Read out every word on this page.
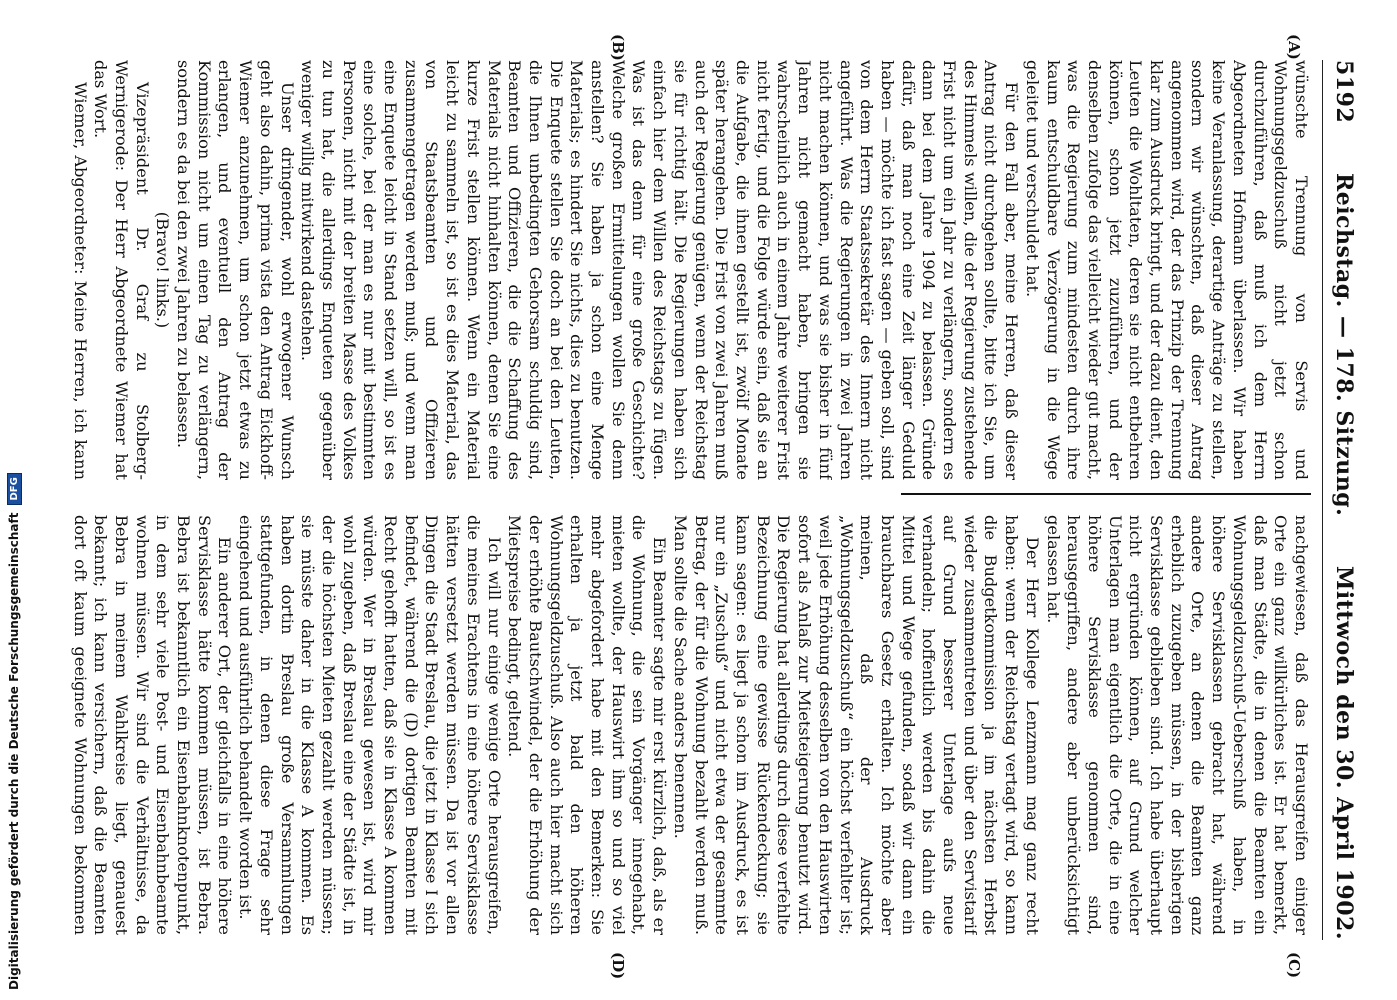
5192
Reichstag. — 178. Sitzung.
Mittwoch den 30. April 1902.
(A)
(B)
(C)
(D)

wünschte Trennung von Servis und Wohnungsgeldzuschuß nicht jetzt schon durchzuführen, daß muß ich dem Herrn Abgeordneten Hofmann überlassen. Wir haben keine Veranlassung, derartige Anträge zu stellen, sondern wir wünschten, daß dieser Antrag angenommen wird, der das Prinzip der Trennung klar zum Ausdruck bringt, und der dazu dient, den Leuten die Wohltaten, deren sie nicht entbehren können, schon jetzt zuzuführen, und der denselben zufolge das vielleicht wieder gut macht, was die Regierung zum mindesten durch ihre kaum entschuldbare Verzögerung in die Wege geleitet und verschuldet hat.

Für den Fall aber, meine Herren, daß dieser Antrag nicht durchgehen sollte, bitte ich Sie, um des Himmels willen, die der Regierung zustehende Frist nicht um ein Jahr zu verlängern, sondern es dann bei dem Jahre 1904 zu belassen. Gründe dafür, daß man noch eine Zeit länger Geduld haben — möchte ich fast sagen — geben soll, sind von dem Herrn Staatssekretär des Innern nicht angeführt. Was die Regierungen in zwei Jahren nicht machen können, und was sie bisher in fünf Jahren nicht gemacht haben, bringen sie wahrscheinlich auch in einem Jahre weiterer Frist nicht fertig, und die Folge würde sein, daß sie an die Aufgabe, die ihnen gestellt ist, zwölf Monate später herangehen. Die Frist von zwei Jahren muß auch der Regierung genügen, wenn der Reichstag sie für richtig hält. Die Regierungen haben sich einfach hier dem Willen des Reichstags zu fügen. Was ist das denn für eine große Geschichte? Welche großen Ermittelungen wollen Sie denn anstellen? Sie haben ja schon eine Menge Materials; es hindert Sie nichts, dies zu benutzen. Die Enquete stellen Sie doch an bei den Leuten, die Ihnen unbedingten Gehorsam schuldig sind, Beamten und Offizieren, die die Schaffung des Materials nicht hinhalten können, denen Sie eine kurze Frist stellen können. Wenn ein Material leicht zu sammeln ist, so ist es dies Material, das von Staatsbeamten und Offizieren zusammengetragen werden muß; und wenn man eine Enquete leicht in Stand setzen will, so ist es eine solche, bei der man es nur mit bestimmten Personen, nicht mit der breiten Masse des Volkes zu tun hat, die allerdings Enqueten gegenüber weniger willig mitwirkend dastehen.

Unser dringender, wohl erwogener Wunsch geht also dahin, prima vista den Antrag Eickhoff-Wiemer anzunehmen, um schon jetzt etwas zu erlangen, und eventuell den Antrag der Kommission nicht um einen Tag zu verlängern, sondern es da bei den zwei Jahren zu belassen.

(Bravo! links.)

Vizepräsident Dr. Graf zu Stolberg-Wernigerode: Der Herr Abgeordnete Wiemer hat das Wort.

Wiemer, Abgeordneter: Meine Herren, ich kann

nachgewiesen, daß das Herausgreifen einiger Orte ein ganz willkürliches ist. Er hat bemerkt, daß man Städte, die in denen die Beamten ein Wohnungsgeldzuschuß-Ueberschuß haben, in höhere Servisklassen gebracht hat, während andere Orte, an denen die Beamten ganz erheblich zuzugeben müssen, in der bisherigen Servisklasse geblieben sind. Ich habe überhaupt nicht ergründen können, auf Grund welcher Unterlagen man eigentlich die Orte, die in eine höhere Servisklasse genommen sind, herausgegriffen, andere aber unberücksichtigt gelassen hat.

Der Herr Kollege Lenzmann mag ganz recht haben: wenn der Reichstag vertagt wird, so kann die Budgetkommission ja im nächsten Herbst wieder zusammentreten und über den Servistarif auf Grund besserer Unterlage aufs neue verhandeln; hoffentlich werden bis dahin die Mittel und Wege gefunden, sodaß wir dann ein brauchbares Gesetz erhalten. Ich möchte aber meinen, daß der Ausdruck „Wohnungsgeldzuschuß“ ein höchst verfehlter ist; weil jede Erhöhung desselben von den Hauswirten sofort als Anlaß zur Mietsteigerung benutzt wird. Die Regierung hat allerdings durch diese verfehlte Bezeichnung eine gewisse Rückendeckung; sie kann sagen: es liegt ja schon im Ausdruck, es ist nur ein „Zuschuß“ und nicht etwa der gesammte Betrag, der für die Wohnung bezahlt werden muß. Man sollte die Sache anders benennen.

Ein Beamter sagte mir erst kürzlich, daß, als er die Wohnung, die sein Vorgänger innegehabt, mieten wollte, der Hauswirt ihm so und so viel mehr abgefordert habe mit den Bemerken: Sie erhalten ja jetzt bald den höheren Wohnungsgeldzuschuß. Also auch hier macht sich der erhöhte Bautschwindel, der die Erhöhung der Mietspreise bedingt, geltend.

Ich will nur einige wenige Orte herausgreifen, die meines Erachtens in eine höhere Servisklasse hätten versetzt werden müssen. Da ist vor allen Dingen die Stadt Breslau, die jetzt in Klasse I sich befindet, während die (D) dortigen Beamten mit Recht gehofft hatten, daß sie in Klasse A kommen würden. Wer in Breslau gewesen ist, wird mir wohl zugeben, daß Breslau eine der Städte ist, in der die höchsten Mieten gezahlt werden müssen; sie müsste daher in die Klasse A kommen. Es haben dortin Breslau große Versammlungen stattgefunden, in denen diese Frage sehr eingehend und ausführlich behandelt worden ist.

Ein anderer Ort, der gleichfalls in eine höhere Servisklasse hätte kommen müssen, ist Bebra. Bebra ist bekanntlich ein Eisenbahnknotenpunkt, in dem sehr viele Post- und Eisenbahnbeamte wohnen müssen. Wir sind die Verhältnisse, da Bebra in meinem Wahlkreise liegt, genauest bekannt; ich kann versichern, daß die Beamten dort oft kaum geeignete Wohnungen bekommen

Digitalisierung gefördert durch die Deutsche Forschungsgemeinschaft
DFG
